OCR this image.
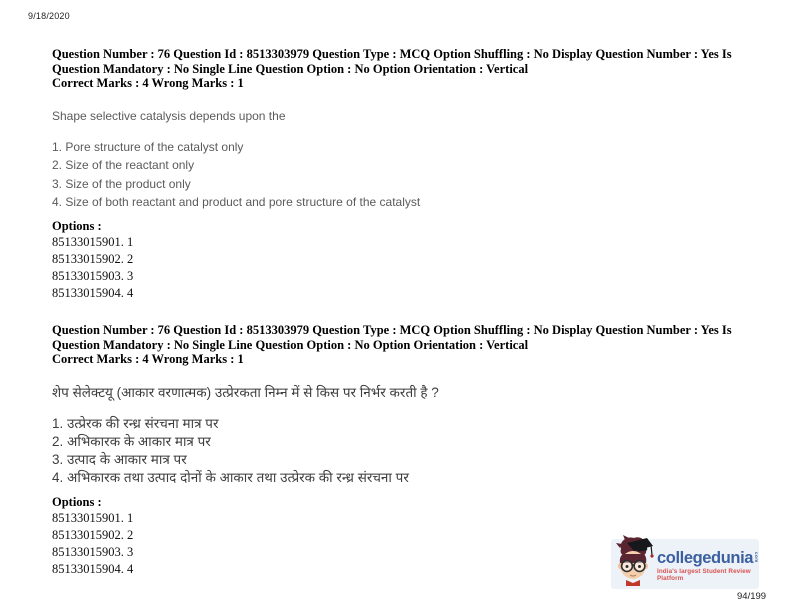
9/18/2020
Question Number : 76 Question Id : 8513303979 Question Type : MCQ Option Shuffling : No Display Question Number : Yes Is
Question Mandatory : No Single Line Question Option : No Option Orientation : Vertical
Correct Marks : 4 Wrong Marks : 1
Shape selective catalysis depends upon the
1. Pore structure of the catalyst only
2. Size of the reactant only
3. Size of the product only
4. Size of both reactant and product and pore structure of the catalyst
Options :
85133015901. 1
85133015902. 2
85133015903. 3
85133015904. 4
Question Number : 76 Question Id : 8513303979 Question Type : MCQ Option Shuffling : No Display Question Number : Yes Is
Question Mandatory : No Single Line Question Option : No Option Orientation : Vertical
Correct Marks : 4 Wrong Marks : 1
शेप सेलेक्टयू (आकार वरणात्मक) उत्प्रेरकता निम्न में से किस पर निर्भर करती है ?
1. उत्प्रेरक की रन्ध्र संरचना मात्र पर
2. अभिकारक के आकार मात्र पर
3. उत्पाद के आकार मात्र पर
4. अभिकारक तथा उत्पाद दोनों के आकार तथा उत्प्रेरक की रन्ध्र संरचना पर
Options :
85133015901. 1
85133015902. 2
85133015903. 3
85133015904. 4
collegedunia com
India's largest Student Review Platform
94/199
